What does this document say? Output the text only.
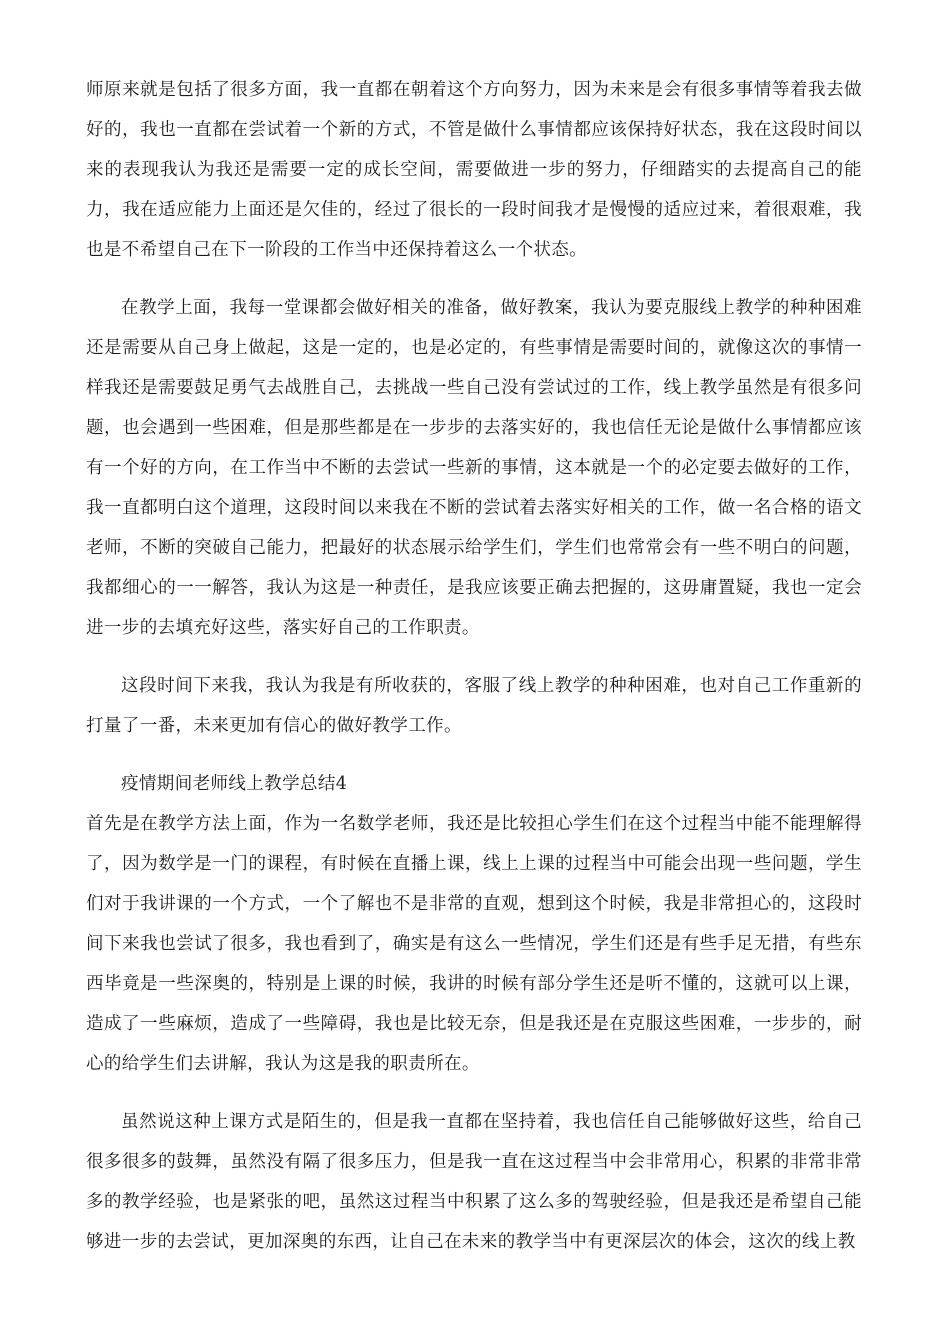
师原来就是包括了很多方面，我一直都在朝着这个方向努力，因为未来是会有很多事情等着我去做好的，我也一直都在尝试着一个新的方式，不管是做什么事情都应该保持好状态，我在这段时间以来的表现我认为我还是需要一定的成长空间，需要做进一步的努力，仔细踏实的去提高自己的能力，我在适应能力上面还是欠佳的，经过了很长的一段时间我才是慢慢的适应过来，着很艰难，我也是不希望自己在下一阶段的工作当中还保持着这么一个状态。

在教学上面，我每一堂课都会做好相关的准备，做好教案，我认为要克服线上教学的种种困难还是需要从自己身上做起，这是一定的，也是必定的，有些事情是需要时间的，就像这次的事情一样我还是需要鼓足勇气去战胜自己，去挑战一些自己没有尝试过的工作，线上教学虽然是有很多问题，也会遇到一些困难，但是那些都是在一步步的去落实好的，我也信任无论是做什么事情都应该有一个好的方向，在工作当中不断的去尝试一些新的事情，这本就是一个的必定要去做好的工作，我一直都明白这个道理，这段时间以来我在不断的尝试着去落实好相关的工作，做一名合格的语文老师，不断的突破自己能力，把最好的状态展示给学生们，学生们也常常会有一些不明白的问题，我都细心的一一解答，我认为这是一种责任，是我应该要正确去把握的，这毋庸置疑，我也一定会进一步的去填充好这些，落实好自己的工作职责。

这段时间下来我，我认为我是有所收获的，客服了线上教学的种种困难，也对自己工作重新的打量了一番，未来更加有信心的做好教学工作。

疫情期间老师线上教学总结4

首先是在教学方法上面，作为一名数学老师，我还是比较担心学生们在这个过程当中能不能理解得了，因为数学是一门的课程，有时候在直播上课，线上上课的过程当中可能会出现一些问题，学生们对于我讲课的一个方式，一个了解也不是非常的直观，想到这个时候，我是非常担心的，这段时间下来我也尝试了很多，我也看到了，确实是有这么一些情况，学生们还是有些手足无措，有些东西毕竟是一些深奥的，特别是上课的时候，我讲的时候有部分学生还是听不懂的，这就可以上课，造成了一些麻烦，造成了一些障碍，我也是比较无奈，但是我还是在克服这些困难，一步步的，耐心的给学生们去讲解，我认为这是我的职责所在。

虽然说这种上课方式是陌生的，但是我一直都在坚持着，我也信任自己能够做好这些，给自己很多很多的鼓舞，虽然没有隔了很多压力，但是我一直在这过程当中会非常用心，积累的非常非常多的教学经验，也是紧张的吧，虽然这过程当中积累了这么多的驾驶经验，但是我还是希望自己能够进一步的去尝试，更加深奥的东西，让自己在未来的教学当中有更深层次的体会，这次的线上教
